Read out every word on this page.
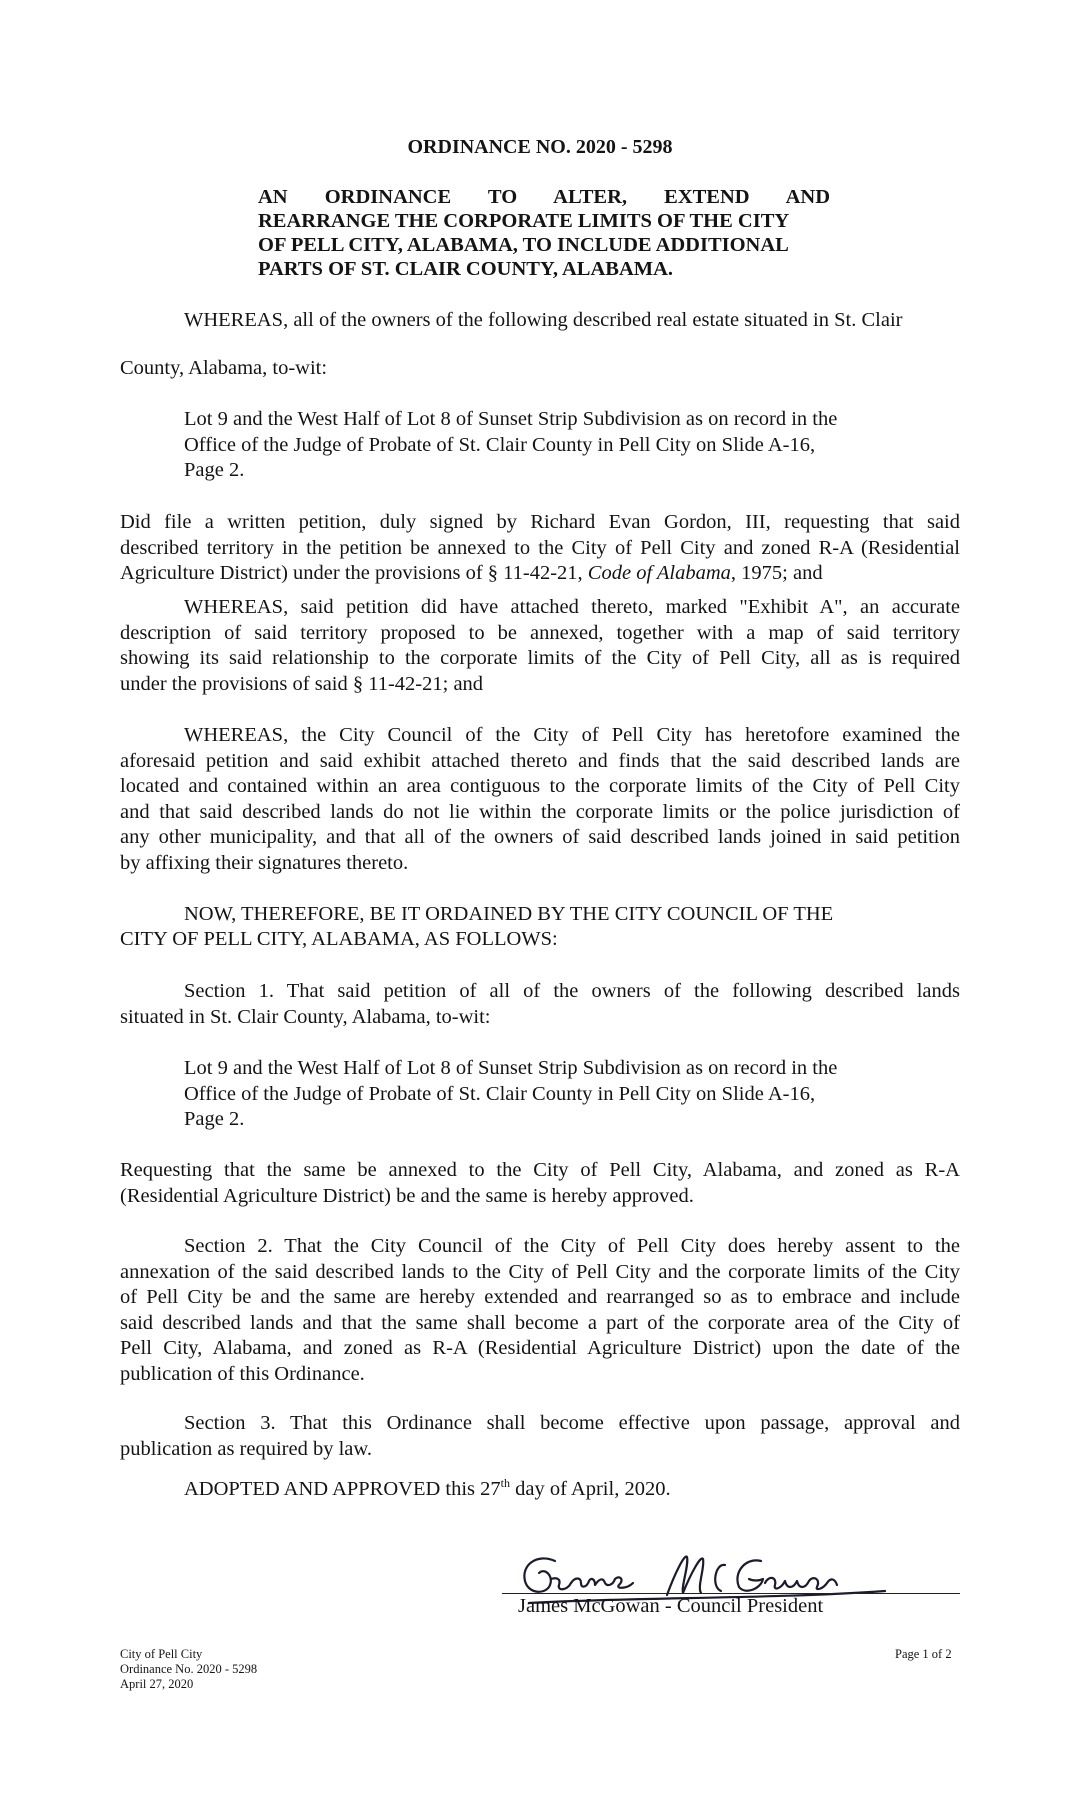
ORDINANCE NO. 2020 - 5298
AN ORDINANCE TO ALTER, EXTEND AND
REARRANGE THE CORPORATE LIMITS OF THE CITY
OF PELL CITY, ALABAMA, TO INCLUDE ADDITIONAL
PARTS OF ST. CLAIR COUNTY, ALABAMA.
WHEREAS, all of the owners of the following described real estate situated in St. Clair
County, Alabama, to-wit:
Lot 9 and the West Half of Lot 8 of Sunset Strip Subdivision as on record in the
Office of the Judge of Probate of St. Clair County in Pell City on Slide A-16,
Page 2.
Did file a written petition, duly signed by Richard Evan Gordon, III, requesting that said
described territory in the petition be annexed to the City of Pell City and zoned R-A (Residential
Agriculture District) under the provisions of § 11-42-21, Code of Alabama, 1975; and
WHEREAS, said petition did have attached thereto, marked "Exhibit A", an accurate
description of said territory proposed to be annexed, together with a map of said territory
showing its said relationship to the corporate limits of the City of Pell City, all as is required
under the provisions of said § 11-42-21; and
WHEREAS, the City Council of the City of Pell City has heretofore examined the
aforesaid petition and said exhibit attached thereto and finds that the said described lands are
located and contained within an area contiguous to the corporate limits of the City of Pell City
and that said described lands do not lie within the corporate limits or the police jurisdiction of
any other municipality, and that all of the owners of said described lands joined in said petition
by affixing their signatures thereto.
NOW, THEREFORE, BE IT ORDAINED BY THE CITY COUNCIL OF THE
CITY OF PELL CITY, ALABAMA, AS FOLLOWS:
Section 1. That said petition of all of the owners of the following described lands
situated in St. Clair County, Alabama, to-wit:
Lot 9 and the West Half of Lot 8 of Sunset Strip Subdivision as on record in the
Office of the Judge of Probate of St. Clair County in Pell City on Slide A-16,
Page 2.
Requesting that the same be annexed to the City of Pell City, Alabama, and zoned as R-A
(Residential Agriculture District) be and the same is hereby approved.
Section 2. That the City Council of the City of Pell City does hereby assent to the
annexation of the said described lands to the City of Pell City and the corporate limits of the City
of Pell City be and the same are hereby extended and rearranged so as to embrace and include
said described lands and that the same shall become a part of the corporate area of the City of
Pell City, Alabama, and zoned as R-A (Residential Agriculture District) upon the date of the
publication of this Ordinance.
Section 3. That this Ordinance shall become effective upon passage, approval and
publication as required by law.
ADOPTED AND APPROVED this 27th day of April, 2020.
James McGowan - Council President
City of Pell City
Ordinance No. 2020 - 5298
April 27, 2020
Page 1 of 2
